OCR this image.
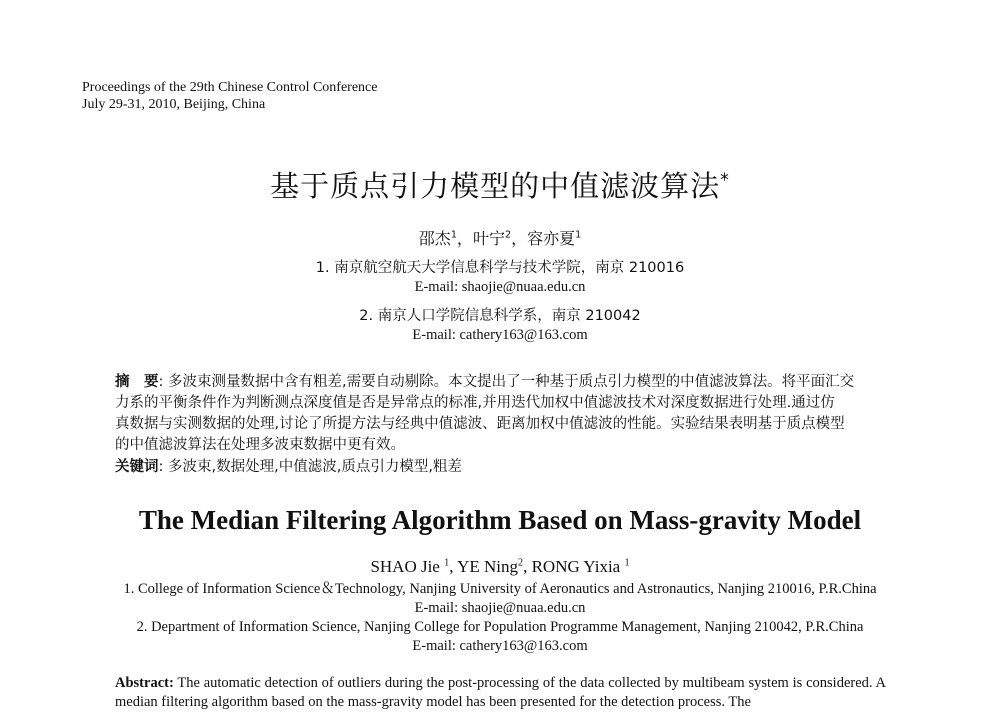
Proceedings of the 29th Chinese Control Conference
July 29-31, 2010, Beijing, China
基于质点引力模型的中值滤波算法*
邵杰$^1$，叶宁$^2$，容亦夏$^1$
1. 南京航空航天大学信息科学与技术学院，南京 210016
E-mail: shaojie@nuaa.edu.cn
2. 南京人口学院信息科学系，南京 210042
E-mail: cathery163@163.com
摘　要: 多波束测量数据中含有粗差,需要自动剔除。本文提出了一种基于质点引力模型的中值滤波算法。将平面汇交
力系的平衡条件作为判断测点深度值是否是异常点的标准,并用迭代加权中值滤波技术对深度数据进行处理.通过仿
真数据与实测数据的处理,讨论了所提方法与经典中值滤波、距离加权中值滤波的性能。实验结果表明基于质点模型
的中值滤波算法在处理多波束数据中更有效。
关键词: 多波束,数据处理,中值滤波,质点引力模型,粗差
The Median Filtering Algorithm Based on Mass-gravity Model
SHAO Jie $^1$, YE Ning$^2$, RONG Yixia $^1$
1. College of Information Science＆Technology, Nanjing University of Aeronautics and Astronautics, Nanjing 210016, P.R.China
E-mail: shaojie@nuaa.edu.cn
2. Department of Information Science, Nanjing College for Population Programme Management, Nanjing 210042, P.R.China
E-mail: cathery163@163.com
Abstract: The automatic detection of outliers during the post-processing of the data collected by multibeam system is considered. A median filtering algorithm based on the mass-gravity model has been presented for the detection process. The
